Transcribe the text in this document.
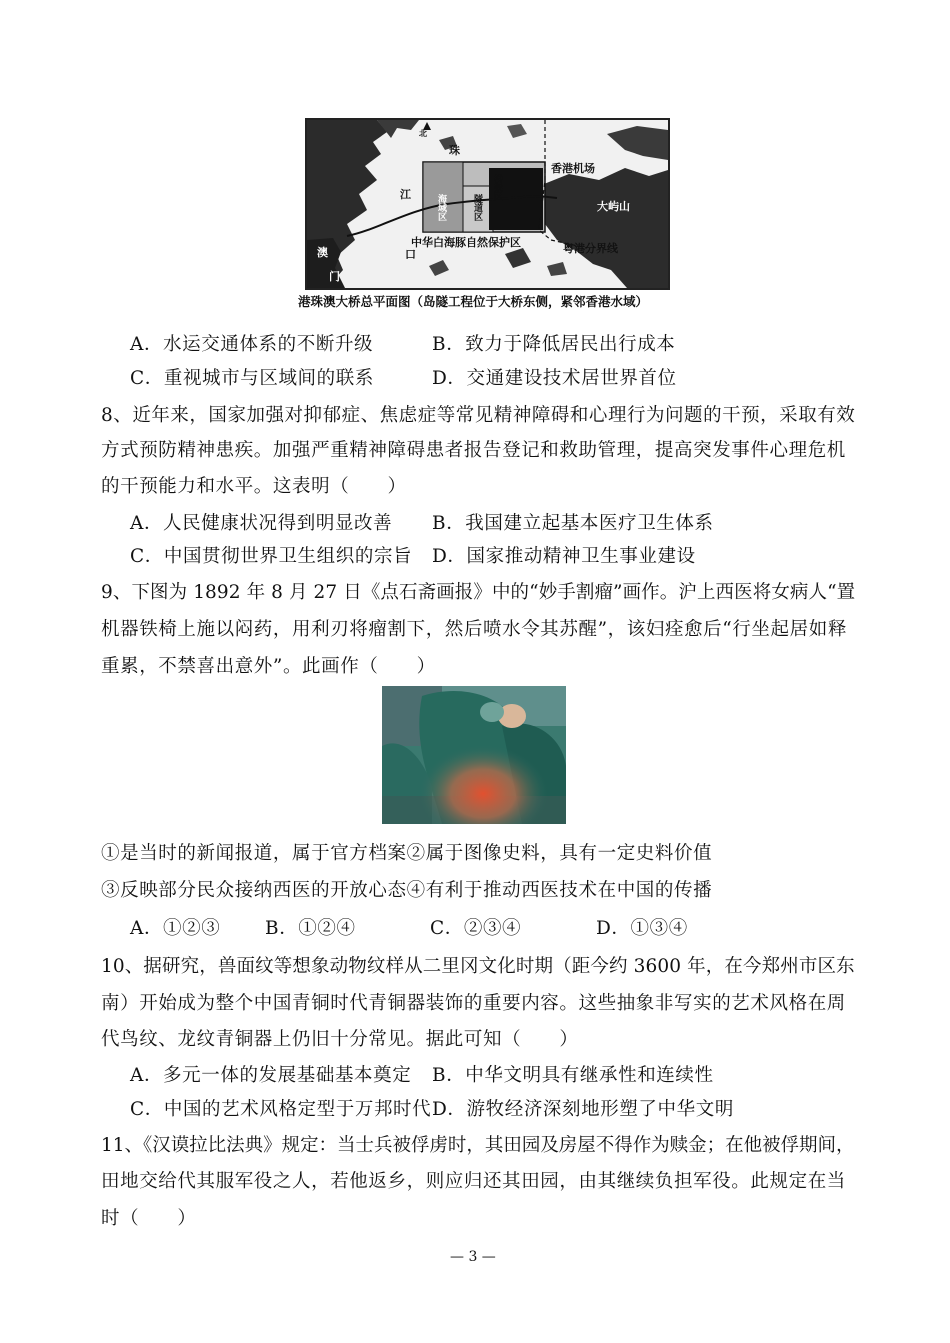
北
珠
江
口
澳
门
香港机场
大屿山
中华白海豚自然保护区	粤港分界线
海域区	隧道区
桥梁区
港珠澳大桥总平面图（岛隧工程位于大桥东侧，紧邻香港水域）
A．水运交通体系的不断升级	B．致力于降低居民出行成本
C．重视城市与区域间的联系	D．交通建设技术居世界首位
8、近年来，国家加强对抑郁症、焦虑症等常见精神障碍和心理行为问题的干预，采取有效
方式预防精神患疾。加强严重精神障碍患者报告登记和救助管理，提高突发事件心理危机
的干预能力和水平。这表明（　　）
A．人民健康状况得到明显改善 B．我国建立起基本医疗卫生体系
C．中国贯彻世界卫生组织的宗旨 D．国家推动精神卫生事业建设
9、下图为 1892 年 8 月 27 日《点石斋画报》中的“妙手割瘤”画作。沪上西医将女病人“置
机器铁椅上施以闷药，用利刃将瘤割下，然后喷水令其苏醒”，该妇痊愈后“行坐起居如释
重累，不禁喜出意外”。此画作（　　）
①是当时的新闻报道，属于官方档案②属于图像史料，具有一定史料价值
③反映部分民众接纳西医的开放心态④有利于推动西医技术在中国的传播
A．①②③ B．①②④	C．②③④	D．①③④
10、据研究，兽面纹等想象动物纹样从二里冈文化时期（距今约 3600 年，在今郑州市区东
南）开始成为整个中国青铜时代青铜器装饰的重要内容。这些抽象非写实的艺术风格在周
代鸟纹、龙纹青铜器上仍旧十分常见。据此可知（　　）
A．多元一体的发展基础基本奠定 B．中华文明具有继承性和连续性
C．中国的艺术风格定型于万邦时代 D．游牧经济深刻地形塑了中华文明
11、《汉谟拉比法典》规定：当士兵被俘虏时，其田园及房屋不得作为赎金；在他被俘期间，
田地交给代其服军役之人，若他返乡，则应归还其田园，由其继续负担军役。此规定在当
时（　　）
— 3 —
